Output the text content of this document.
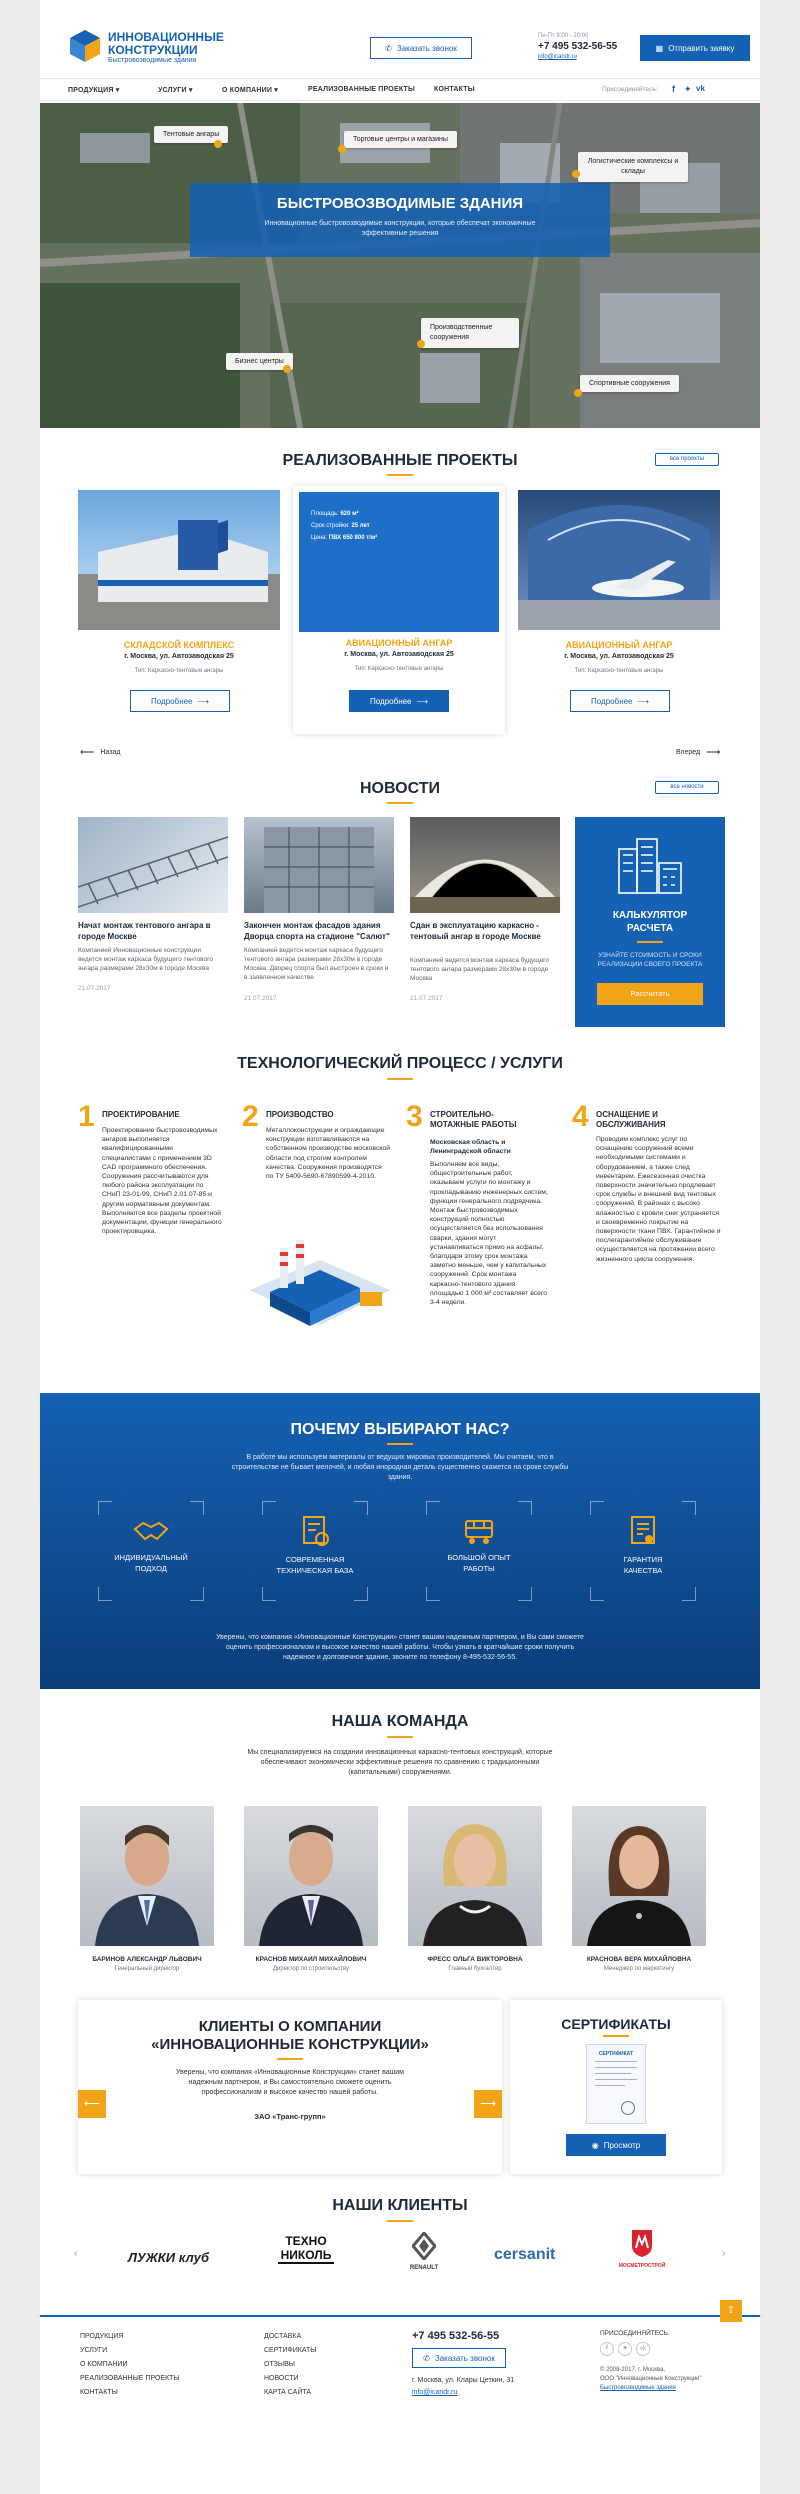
ИННОВАЦИОННЫЕ
КОНСТРУКЦИИ
Быстровозводимые здания
✆ Заказать звонок
Пн-Пт 9:00 - 20:00
+7 495 532-56-55
info@icandr.ru
▦ Отправить заявку
ПРОДУКЦИЯ ▾	УСЛУГИ ▾	О КОМПАНИИ ▾	РЕАЛИЗОВАННЫЕ ПРОЕКТЫ	КОНТАКТЫ	Присоединяйтесь: f ✦ vk
БЫСТРОВОЗВОДИМЫЕ ЗДАНИЯ
Инновационные быстровозводимые конструкции, которые обеспечат экономичные эффективные решения
Тентовые ангары
Торговые центры и магазины
Логистические комплексы и склады
Производственные сооружения
Бизнес центры
Спортивные сооружения
РЕАЛИЗОВАННЫЕ ПРОЕКТЫ	все проекты
СКЛАДСКОЙ КОМПЛЕКС
г. Москва, ул. Автозаводская 25
Тип: Каркасно-тентовые ангары
Подробнее ⟶
Площадь: 620 м²
Срок стройки: 25 лет
Цена: ПВХ 650 800 т/м²
АВИАЦИОННЫЙ АНГАР
г. Москва, ул. Автозаводская 25
Тип: Каркасно-тентовые ангары
Подробнее ⟶
АВИАЦИОННЫЙ АНГАР
г. Москва, ул. Автозаводская 25
Тип: Каркасно-тентовые ангары
Подробнее ⟶
⟵ Назад	Вперед ⟶
НОВОСТИ	все новости
Начат монтаж тентового ангара в городе Москве
Компанией Инновационные конструкции ведется монтаж каркаса будущего тентового ангара размерами 28х30м в городе Москва
21.07.2017
Закончен монтаж фасадов здания Дворца спорта на стадионе "Салют"
Компанией ведется монтаж каркаса будущего тентового ангара размерами 28х30м в городе Москва. Дворец спорта был выстроен в сроки и в заявленном качестве
21.07.2017
Сдан в эксплуатацию каркасно - тентовый ангар в городе Москве
Компанией ведется монтаж каркаса будущего тентового ангара размерами 28х30м в городе Москва
21.07.2017
КАЛЬКУЛЯТОР РАСЧЕТА
УЗНАЙТЕ СТОИМОСТЬ И СРОКИ РЕАЛИЗАЦИИ СВОЕГО ПРОЕКТА
Рассчитать
ТЕХНОЛОГИЧЕСКИЙ ПРОЦЕСС / УСЛУГИ
1 ПРОЕКТИРОВАНИЕ
Проектирование быстровозводимых ангаров выполняется квалифицированными специалистами с применением 3D CAD программного обеспечения. Сооружения рассчитываются для любого района эксплуатации по СНиП 23-01-99, СНиП 2.01.07-85 и другим нормативным документам. Выполняются все разделы проектной документации, функции генерального проектировщика.
2 ПРОИЗВОДСТВО
Металлоконструкции и ограждающие конструкции изготавливаются на собственном производстве московской области под строгим контролем качества. Сооружения производятся по ТУ 5409-5690-67890599-4-2010.
3 СТРОИТЕЛЬНО-МОТАЖНЫЕ РАБОТЫ
Московская область и Ленинградской области
Выполняем все виды, общестроительные работ, оказываем услуги по монтажу и прокладыванию инженерных систем, функции генерального подрядчика. Монтаж быстровозводимых конструкций полностью осуществляется без использования сварки, здания могут устанавливаться прямо на асфальт, благодаря этому срок монтажа заметно меньше, чем у капитальных сооружений. Срок монтажа каркасно-тентового здания площадью 1 000 м² составляет всего 3-4 недели.
4 ОСНАЩЕНИЕ И ОБСЛУЖИВАНИЯ
Проводим комплекс услуг по оснащению сооружений всеми необходимыми системами и оборудованием, а также след инвентарем. Ежесезонная очистка поверхности значительно продлевает срок службы и внешний вид тентовых сооружений. В районах с высоко влажностью с кровли снег устраняется и своевременно покрытие на поверхности ткани ПВХ. Гарантийное и послегарантийное обслуживание осуществляется на протяжении всего жизненного цикла сооружения.
ПОЧЕМУ ВЫБИРАЮТ НАС?
В работе мы используем материалы от ведущих мировых производителей. Мы считаем, что в строительстве не бывает мелочей, и любая инородная деталь существенно скажется на сроке службы здания.
ИНДИВИДУАЛЬНЫЙ ПОДХОД
СОВРЕМЕННАЯ ТЕХНИЧЕСКАЯ БАЗА
БОЛЬШОЙ ОПЫТ РАБОТЫ
ГАРАНТИЯ КАЧЕСТВА
Уверены, что компания «Инновационные Конструкции» станет вашим надежным партнером, и Вы сами сможете оценить профессионализм и высокое качество нашей работы. Чтобы узнать в кратчайшие сроки получить надежное и долговечное здание, звоните по телефону 8-495-532-56-55.
НАША КОМАНДА
Мы специализируемся на создании инновационных каркасно-тентовых конструкций, которые обеспечивают экономически эффективные решения по сравнению с традиционными (капитальными) сооружениями.
БАРИНОВ АЛЕКСАНДР ЛЬВОВИЧ
Генеральный директор
КРАСНОВ МИХАИЛ МИХАЙЛОВИЧ
Директор по строительству
ФРЕСС ОЛЬГА ВИКТОРОВНА
Главный бухгалтер
КРАСНОВА ВЕРА МИХАЙЛОВНА
Менеджер по маркетингу
КЛИЕНТЫ О КОМПАНИИ
«ИННОВАЦИОННЫЕ КОНСТРУКЦИИ»
Уверены, что компания «Инновационные Конструкции» станет вашим надежным партнером, и Вы самостоятельно сможете оценить профессионализм и высокое качество нашей работы.
ЗАО «Транс-групп»
⟵	⟶
СЕРТИФИКАТЫ
СЕРТИФИКАТ
◉ Просмотр
НАШИ КЛИЕНТЫ
‹	›
ЛУЖКИ клуб
ТЕХНО НИКОЛЬ
RENAULT
cersanit
МОСМЕТРОСТРОЙ
⇧
ПРОДУКЦИЯ
УСЛУГИ
О КОМПАНИИ
РЕАЛИЗОВАННЫЕ ПРОЕКТЫ
КОНТАКТЫ
ДОСТАВКА
СЕРТИФИКАТЫ
ОТЗЫВЫ
НОВОСТИ
КАРТА САЙТА
+7 495 532-56-55
✆ Заказать звонок
г. Москва, ул. Клары Цеткин, 31
info@icandr.ru
ПРИСОЕДИНЯЙТЕСЬ:
f	✦	vk
© 2008-2017, г. Москва,
ООО "Инновационные Конструкции"
Быстровозводимые здания
